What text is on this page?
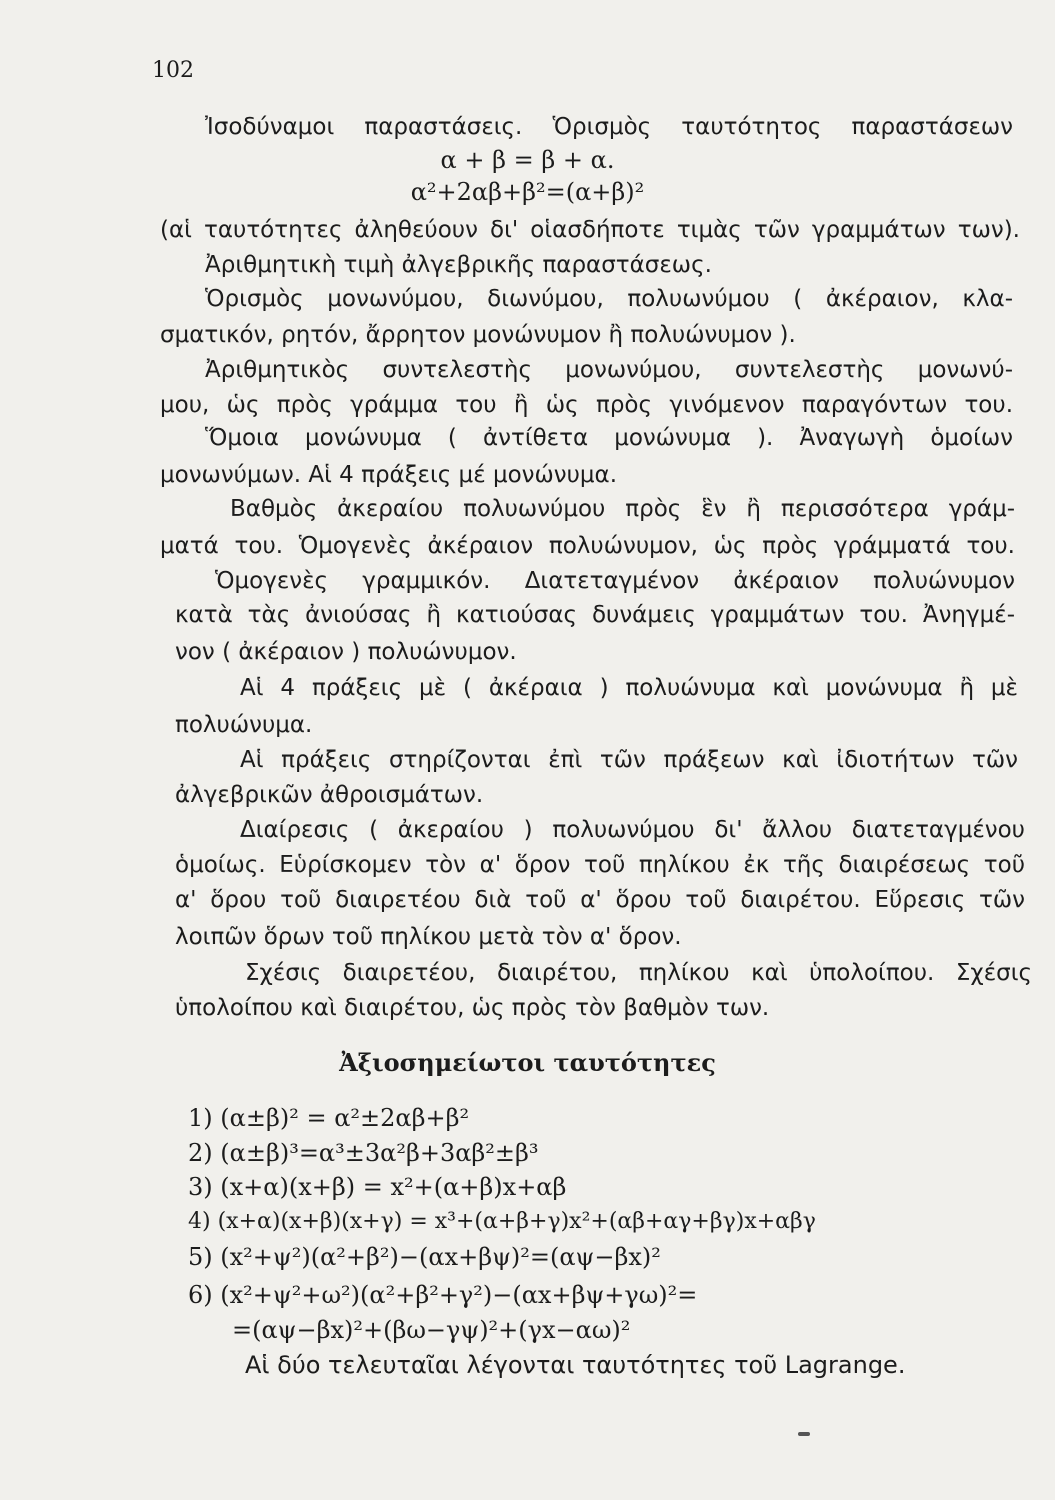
102
Ἰσοδύναμοι παραστάσεις. Ὁρισμὸς ταυτότητος παραστάσεων
α + β = β + α.
α²+2αβ+β²=(α+β)²
(αἱ ταυτότητες ἀληθεύουν δι' οἱασδήποτε τιμὰς τῶν γραμμάτων των).
Ἀριθμητικὴ τιμὴ ἀλγεβρικῆς παραστάσεως.
Ὁρισμὸς μονωνύμου, διωνύμου, πολυωνύμου ( ἀκέραιον, κλα-
σματικόν, ρητόν, ἄρρητον μονώνυμον ἢ πολυώνυμον ).
Ἀριθμητικὸς συντελεστὴς μονωνύμου, συντελεστὴς μονωνύ-
μου, ὡς πρὸς γράμμα του ἢ ὡς πρὸς γινόμενον παραγόντων του.
Ὅμοια μονώνυμα ( ἀντίθετα μονώνυμα ). Ἀναγωγὴ ὁμοίων
μονωνύμων. Αἱ 4 πράξεις μέ μονώνυμα.
Βαθμὸς ἀκεραίου πολυωνύμου πρὸς ἓν ἢ περισσότερα γράμ-
ματά του. Ὁμογενὲς ἀκέραιον πολυώνυμον, ὡς πρὸς γράμματά του.
Ὁμογενὲς γραμμικόν. Διατεταγμένον ἀκέραιον πολυώνυμον
κατὰ τὰς ἀνιούσας ἢ κατιούσας δυνάμεις γραμμάτων του. Ἀνηγμέ-
νον ( ἀκέραιον ) πολυώνυμον.
Αἱ 4 πράξεις μὲ ( ἀκέραια ) πολυώνυμα καὶ μονώνυμα ἢ μὲ
πολυώνυμα.
Αἱ πράξεις στηρίζονται ἐπὶ τῶν πράξεων καὶ ἰδιοτήτων τῶν
ἀλγεβρικῶν ἀθροισμάτων.
Διαίρεσις ( ἀκεραίου ) πολυωνύμου δι' ἄλλου διατεταγμένου
ὁμοίως. Εὑρίσκομεν τὸν α' ὅρον τοῦ πηλίκου ἐκ τῆς διαιρέσεως τοῦ
α' ὅρου τοῦ διαιρετέου διὰ τοῦ α' ὅρου τοῦ διαιρέτου. Εὕρεσις τῶν
λοιπῶν ὅρων τοῦ πηλίκου μετὰ τὸν α' ὅρον.
Σχέσις διαιρετέου, διαιρέτου, πηλίκου καὶ ὑπολοίπου. Σχέσις
ὑπολοίπου καὶ διαιρέτου, ὡς πρὸς τὸν βαθμὸν των.
Ἀξιοσημείωτοι ταυτότητες
1) (α±β)² = α²±2αβ+β²
2) (α±β)³=α³±3α²β+3αβ²±β³
3) (x+α)(x+β) = x²+(α+β)x+αβ
4) (x+α)(x+β)(x+γ) = x³+(α+β+γ)x²+(αβ+αγ+βγ)x+αβγ
5) (x²+ψ²)(α²+β²)−(αx+βψ)²=(αψ−βx)²
6) (x²+ψ²+ω²)(α²+β²+γ²)−(αx+βψ+γω)²=
=(αψ−βx)²+(βω−γψ)²+(γx−αω)²
Αἱ δύο τελευταῖαι λέγονται ταυτότητες τοῦ Lagrange.
